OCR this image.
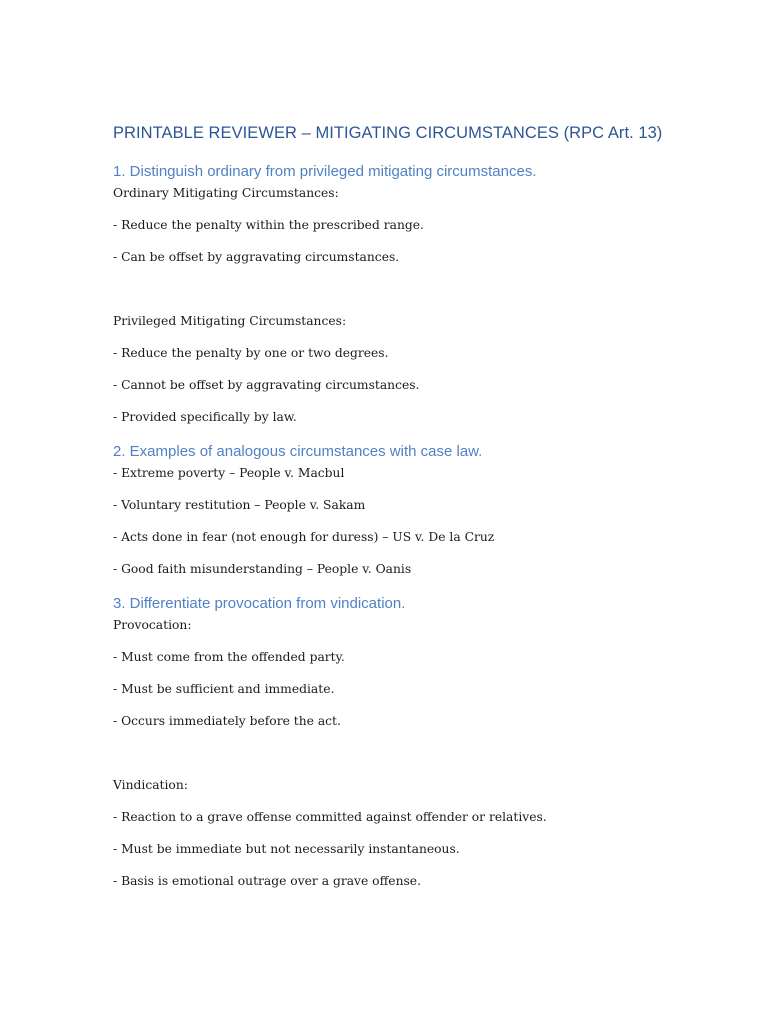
PRINTABLE REVIEWER – MITIGATING CIRCUMSTANCES (RPC Art. 13)
1. Distinguish ordinary from privileged mitigating circumstances.

Ordinary Mitigating Circumstances:

- Reduce the penalty within the prescribed range.

- Can be offset by aggravating circumstances.

Privileged Mitigating Circumstances:

- Reduce the penalty by one or two degrees.

- Cannot be offset by aggravating circumstances.

- Provided specifically by law.

2. Examples of analogous circumstances with case law.

- Extreme poverty – People v. Macbul

- Voluntary restitution – People v. Sakam

- Acts done in fear (not enough for duress) – US v. De la Cruz

- Good faith misunderstanding – People v. Oanis

3. Differentiate provocation from vindication.

Provocation:

- Must come from the offended party.

- Must be sufficient and immediate.

- Occurs immediately before the act.

Vindication:

- Reaction to a grave offense committed against offender or relatives.

- Must be immediate but not necessarily instantaneous.

- Basis is emotional outrage over a grave offense.
